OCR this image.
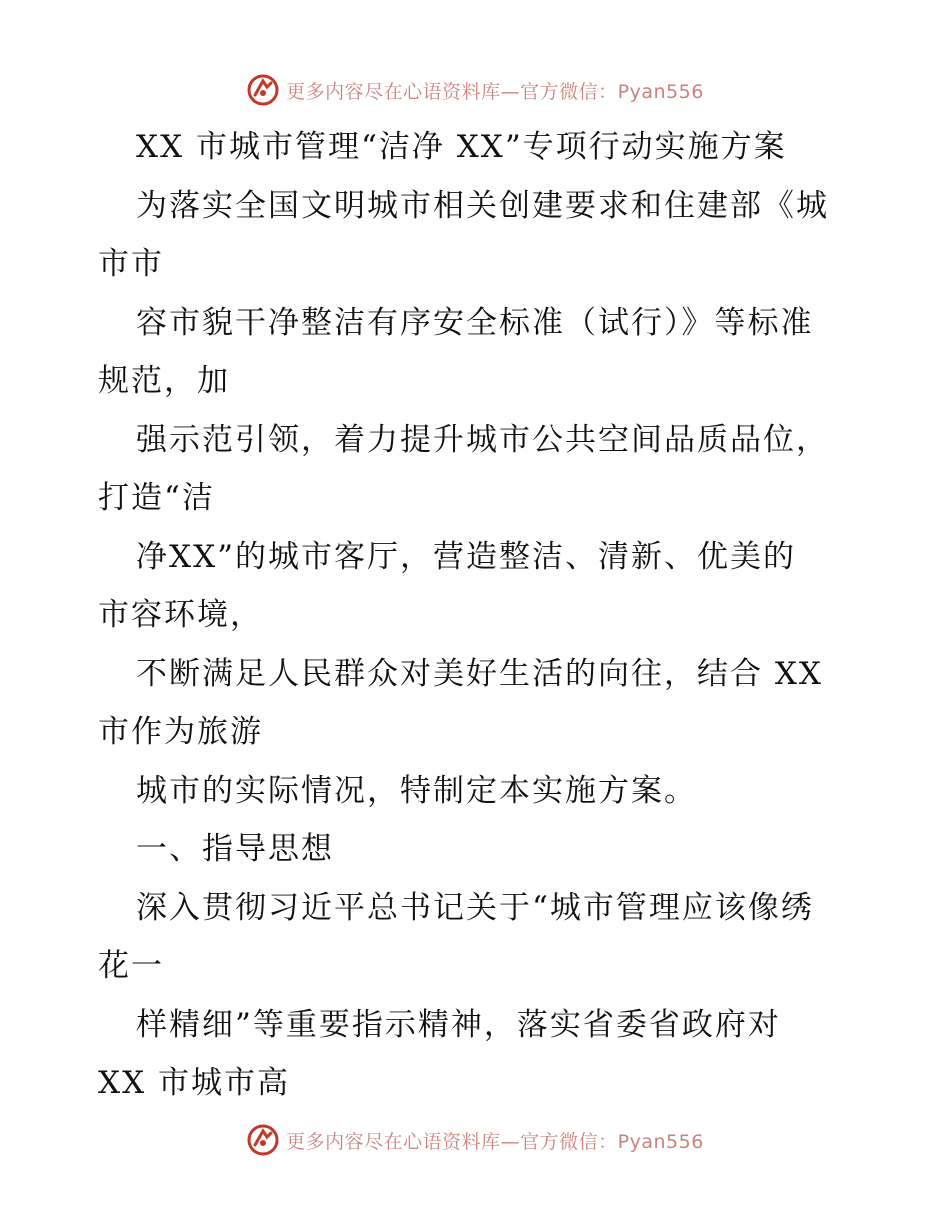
更多内容尽在心语资料库—官方微信：Pyan556
XX 市城市管理“洁净 XX”专项行动实施方案
为落实全国文明城市相关创建要求和住建部《城
市市
容市貌干净整洁有序安全标准（试行）》等标准
规范，加
强示范引领，着力提升城市公共空间品质品位，
打造“洁
净XX”的城市客厅，营造整洁、清新、优美的
市容环境，
不断满足人民群众对美好生活的向往，结合 XX
市作为旅游
城市的实际情况，特制定本实施方案。
一、指导思想
深入贯彻习近平总书记关于“城市管理应该像绣
花一
样精细”等重要指示精神，落实省委省政府对
XX 市城市高
更多内容尽在心语资料库—官方微信：Pyan556
